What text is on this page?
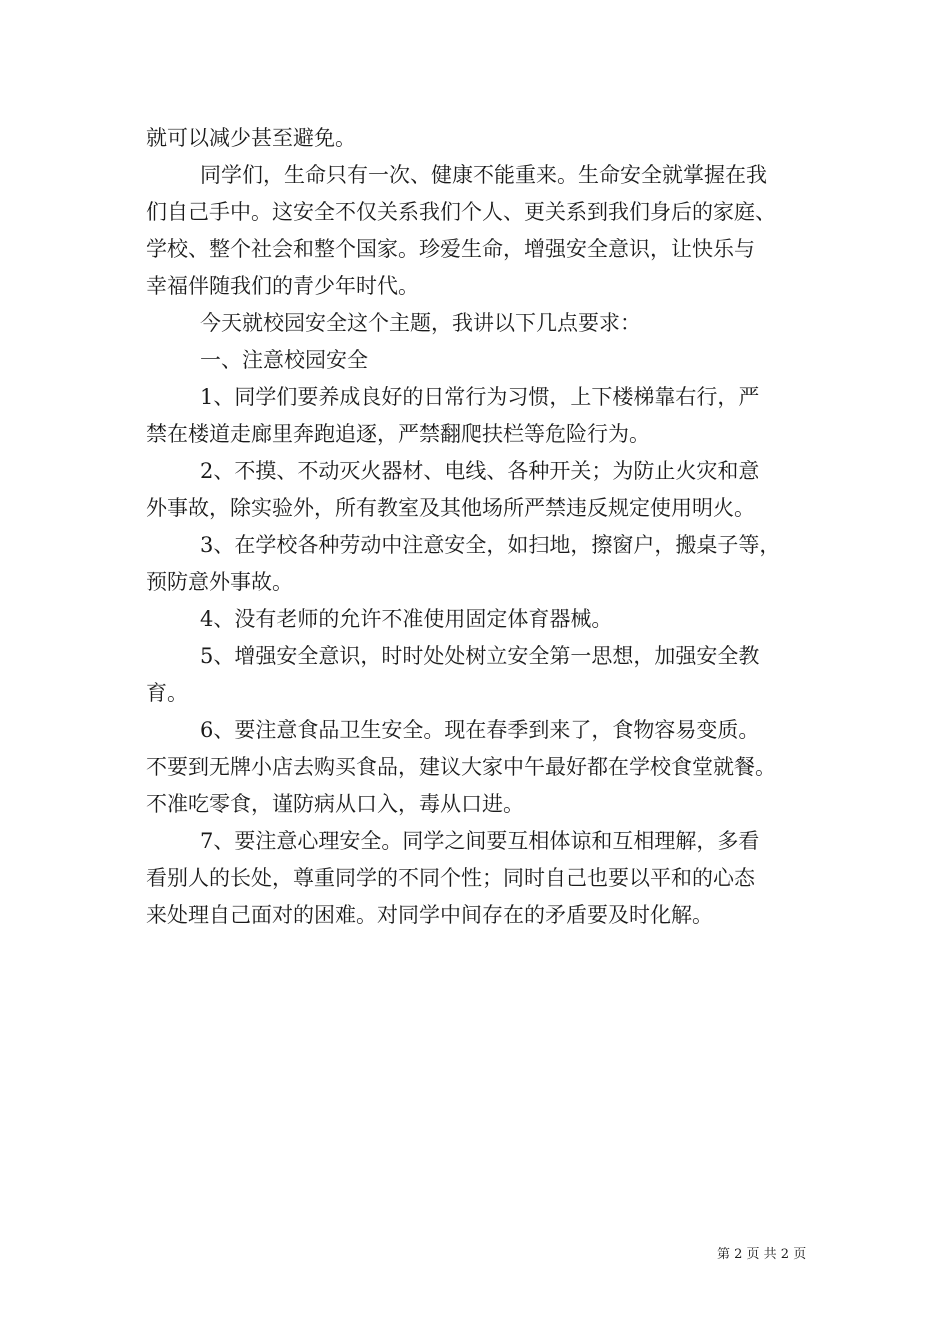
就可以减少甚至避免。
同学们，生命只有一次、健康不能重来。生命安全就掌握在我
们自己手中。这安全不仅关系我们个人、更关系到我们身后的家庭、
学校、整个社会和整个国家。珍爱生命，增强安全意识，让快乐与
幸福伴随我们的青少年时代。
今天就校园安全这个主题，我讲以下几点要求：
一、注意校园安全
1、同学们要养成良好的日常行为习惯，上下楼梯靠右行，严
禁在楼道走廊里奔跑追逐，严禁翻爬扶栏等危险行为。
2、不摸、不动灭火器材、电线、各种开关；为防止火灾和意
外事故，除实验外，所有教室及其他场所严禁违反规定使用明火。
3、在学校各种劳动中注意安全，如扫地，擦窗户，搬桌子等，
预防意外事故。
4、没有老师的允许不准使用固定体育器械。
5、增强安全意识，时时处处树立安全第一思想，加强安全教
育。
6、要注意食品卫生安全。现在春季到来了，食物容易变质。
不要到无牌小店去购买食品，建议大家中午最好都在学校食堂就餐。
不准吃零食，谨防病从口入，毒从口进。
7、要注意心理安全。同学之间要互相体谅和互相理解，多看
看别人的长处，尊重同学的不同个性；同时自己也要以平和的心态
来处理自己面对的困难。对同学中间存在的矛盾要及时化解。
第 2 页 共 2 页
